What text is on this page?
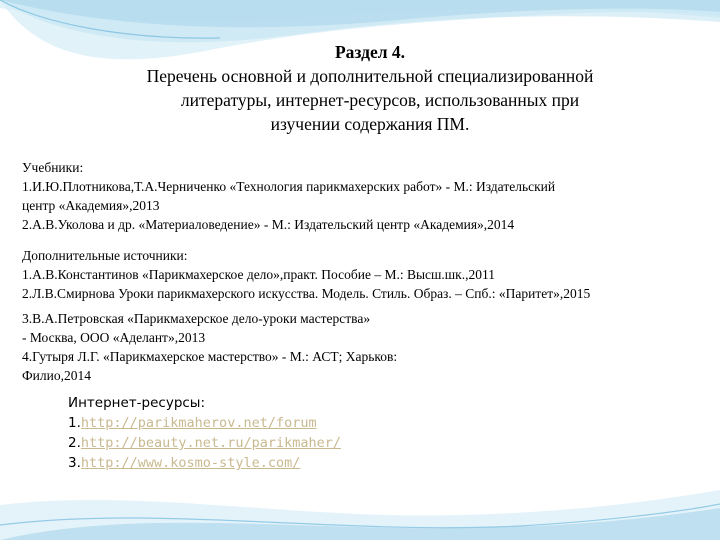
Раздел 4.
Перечень основной и дополнительной специализированной
литературы, интернет-ресурсов, использованных при
изучении содержания ПМ.
Учебники:
1.И.Ю.Плотникова,Т.А.Черниченко «Технология парикмахерских работ» - М.: Издательский
центр «Академия»,2013
2.А.В.Уколова и др. «Материаловедение» - М.: Издательский центр «Академия»,2014
Дополнительные источники:
1.А.В.Константинов «Парикмахерское дело»,практ. Пособие – М.: Высш.шк.,2011
2.Л.В.Смирнова Уроки парикмахерского искусства. Модель. Стиль. Образ. – Спб.: «Паритет»,2015
3.В.А.Петровская «Парикмахерское дело-уроки мастерства»
- Москва, ООО «Аделант»,2013
4.Гутыря Л.Г. «Парикмахерское мастерство» - М.: АСТ; Харьков:
Филио,2014
Интернет-ресурсы:
1.http://parikmaherov.net/forum
2.http://beauty.net.ru/parikmaher/
3.http://www.kosmo-style.com/
